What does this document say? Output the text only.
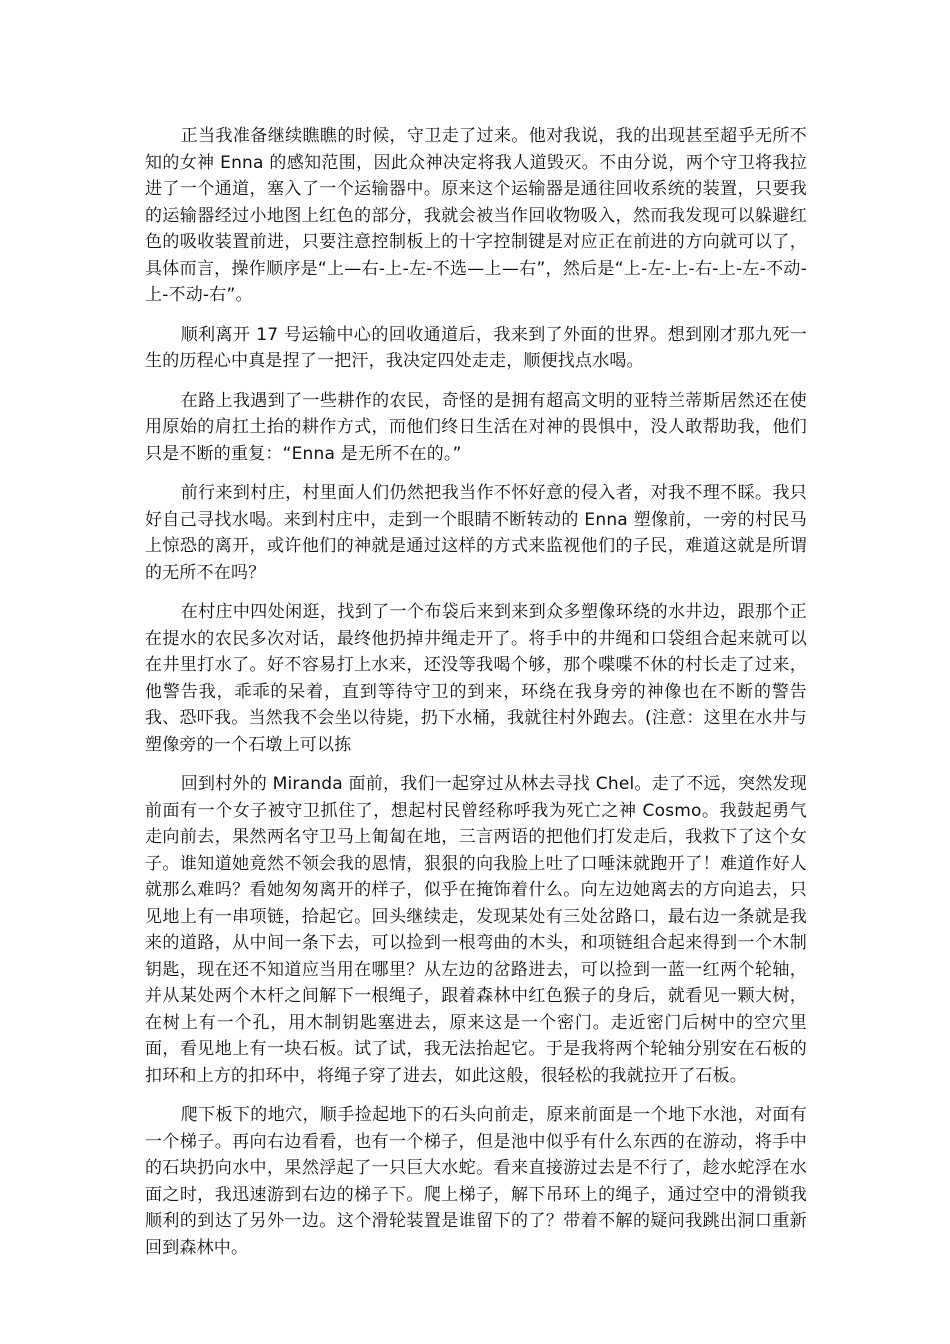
正当我准备继续瞧瞧的时候，守卫走了过来。他对我说，我的出现甚至超乎无所不知的女神 Enna 的感知范围，因此众神决定将我人道毁灭。不由分说，两个守卫将我拉进了一个通道，塞入了一个运输器中。原来这个运输器是通往回收系统的装置，只要我的运输器经过小地图上红色的部分，我就会被当作回收物吸入，然而我发现可以躲避红色的吸收装置前进，只要注意控制板上的十字控制键是对应正在前进的方向就可以了，具体而言，操作顺序是“上—右-上-左-不选—上—右”，然后是“上-左-上-右-上-左-不动-上-不动-右”。

顺利离开 17 号运输中心的回收通道后，我来到了外面的世界。想到刚才那九死一生的历程心中真是捏了一把汗，我决定四处走走，顺便找点水喝。

在路上我遇到了一些耕作的农民，奇怪的是拥有超高文明的亚特兰蒂斯居然还在使用原始的肩扛土抬的耕作方式，而他们终日生活在对神的畏惧中，没人敢帮助我，他们只是不断的重复：“Enna 是无所不在的。”

前行来到村庄，村里面人们仍然把我当作不怀好意的侵入者，对我不理不睬。我只好自己寻找水喝。来到村庄中，走到一个眼睛不断转动的 Enna 塑像前，一旁的村民马上惊恐的离开，或许他们的神就是通过这样的方式来监视他们的子民，难道这就是所谓的无所不在吗？

在村庄中四处闲逛，找到了一个布袋后来到来到众多塑像环绕的水井边，跟那个正在提水的农民多次对话，最终他扔掉井绳走开了。将手中的井绳和口袋组合起来就可以在井里打水了。好不容易打上水来，还没等我喝个够，那个喋喋不休的村长走了过来，他警告我，乖乖的呆着，直到等待守卫的到来，环绕在我身旁的神像也在不断的警告我、恐吓我。当然我不会坐以待毙，扔下水桶，我就往村外跑去。(注意：这里在水井与塑像旁的一个石墩上可以拣

回到村外的 Miranda 面前，我们一起穿过从林去寻找 Chel。走了不远，突然发现前面有一个女子被守卫抓住了，想起村民曾经称呼我为死亡之神 Cosmo。我鼓起勇气走向前去，果然两名守卫马上匍匐在地，三言两语的把他们打发走后，我救下了这个女子。谁知道她竟然不领会我的恩情，狠狠的向我脸上吐了口唾沫就跑开了！难道作好人就那么难吗？看她匆匆离开的样子，似乎在掩饰着什么。向左边她离去的方向追去，只见地上有一串项链，拾起它。回头继续走，发现某处有三处岔路口，最右边一条就是我来的道路，从中间一条下去，可以捡到一根弯曲的木头，和项链组合起来得到一个木制钥匙，现在还不知道应当用在哪里？从左边的岔路进去，可以捡到一蓝一红两个轮轴，并从某处两个木杆之间解下一根绳子，跟着森林中红色猴子的身后，就看见一颗大树，在树上有一个孔，用木制钥匙塞进去，原来这是一个密门。走近密门后树中的空穴里面，看见地上有一块石板。试了试，我无法抬起它。于是我将两个轮轴分别安在石板的扣环和上方的扣环中，将绳子穿了进去，如此这般，很轻松的我就拉开了石板。

爬下板下的地穴，顺手捡起地下的石头向前走，原来前面是一个地下水池，对面有一个梯子。再向右边看看，也有一个梯子，但是池中似乎有什么东西的在游动，将手中的石块扔向水中，果然浮起了一只巨大水蛇。看来直接游过去是不行了，趁水蛇浮在水面之时，我迅速游到右边的梯子下。爬上梯子，解下吊环上的绳子，通过空中的滑锁我顺利的到达了另外一边。这个滑轮装置是谁留下的了？带着不解的疑问我跳出洞口重新回到森林中。
